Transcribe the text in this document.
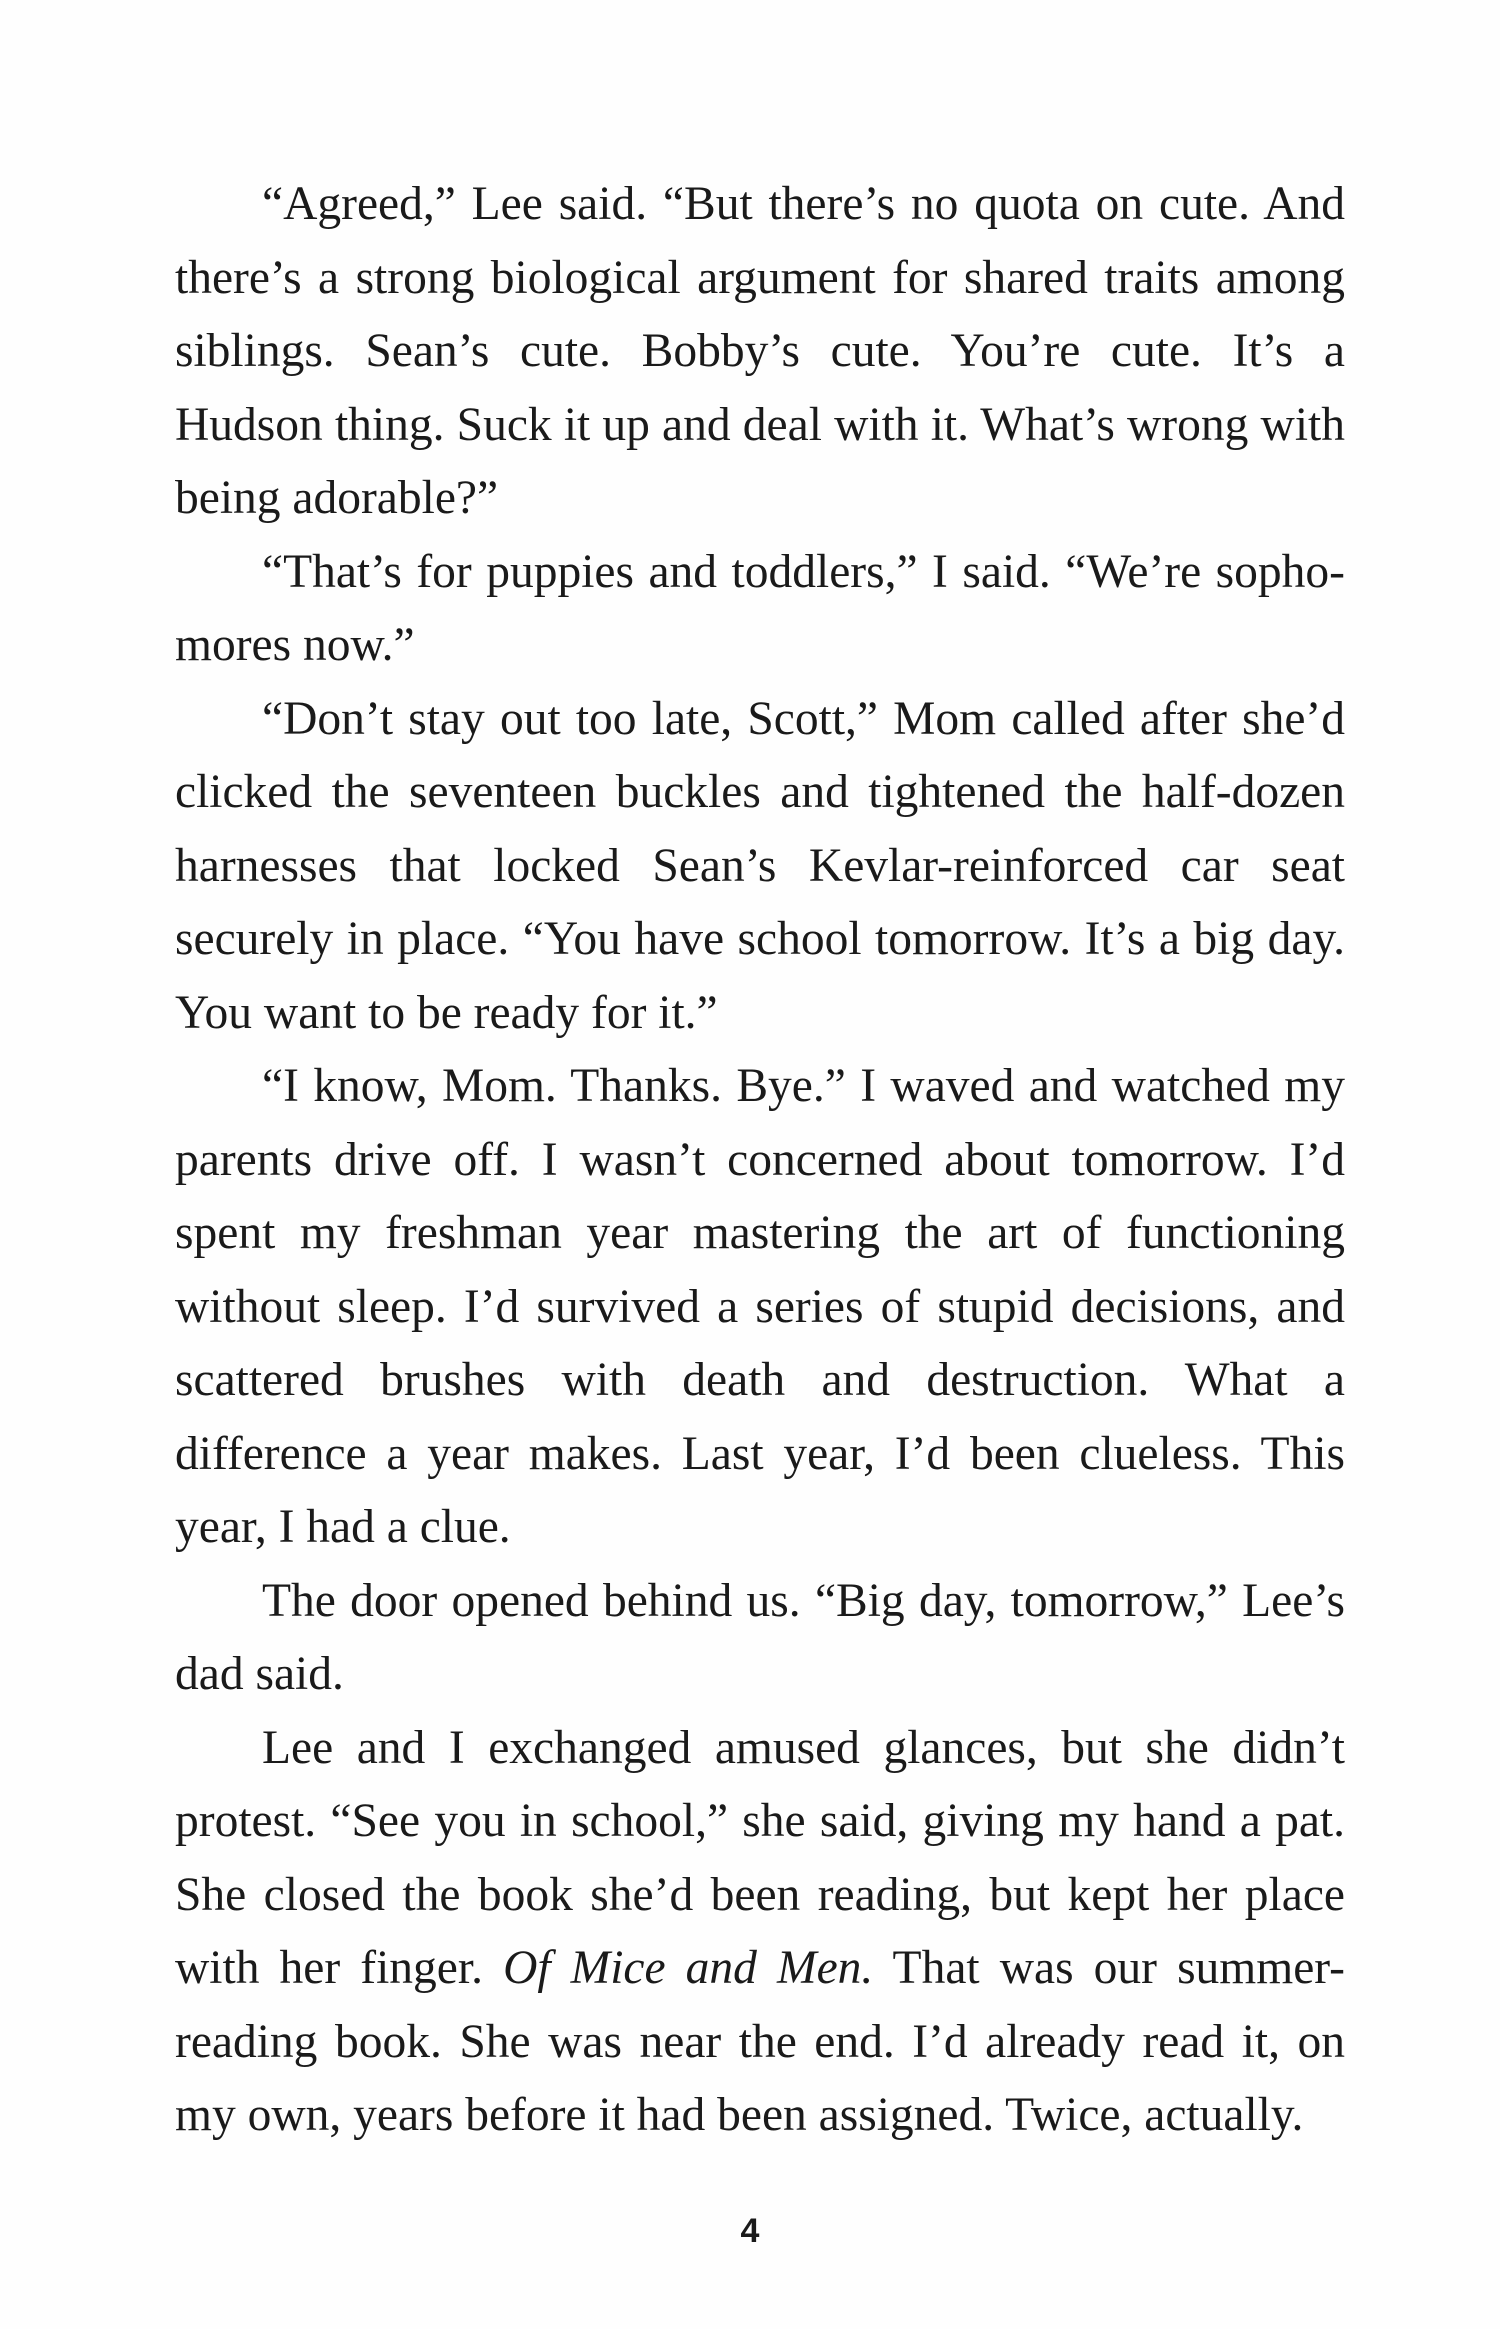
“Agreed,” Lee said. “But there’s no quota on cute. And there’s a strong biological argument for shared traits among siblings. Sean’s cute. Bobby’s cute. You’re cute. It’s a Hudson thing. Suck it up and deal with it. What’s wrong with being adorable?”

“That’s for puppies and toddlers,” I said. “We’re sophomores now.”

“Don’t stay out too late, Scott,” Mom called after she’d clicked the seventeen buckles and tightened the half-dozen harnesses that locked Sean’s Kevlar-reinforced car seat securely in place. “You have school tomorrow. It’s a big day. You want to be ready for it.”

“I know, Mom. Thanks. Bye.” I waved and watched my parents drive off. I wasn’t concerned about tomorrow. I’d spent my freshman year mastering the art of functioning without sleep. I’d survived a series of stupid decisions, and scattered brushes with death and destruction. What a difference a year makes. Last year, I’d been clueless. This year, I had a clue.

The door opened behind us. “Big day, tomorrow,” Lee’s dad said.

Lee and I exchanged amused glances, but she didn’t protest. “See you in school,” she said, giving my hand a pat. She closed the book she’d been reading, but kept her place with her finger. Of Mice and Men. That was our summer-reading book. She was near the end. I’d already read it, on my own, years before it had been assigned. Twice, actually.

4
